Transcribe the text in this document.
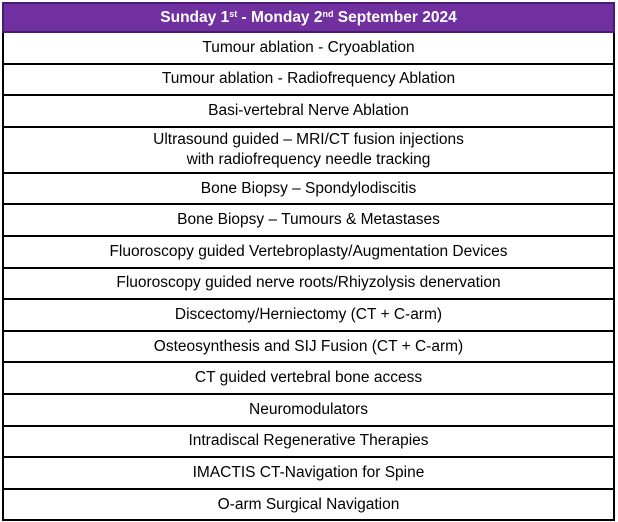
Sunday 1st - Monday 2nd September 2024

Tumour ablation - Cryoablation

Tumour ablation - Radiofrequency Ablation

Basi-vertebral Nerve Ablation

Ultrasound guided – MRI/CT fusion injections
with radiofrequency needle tracking

Bone Biopsy – Spondylodiscitis

Bone Biopsy – Tumours & Metastases

Fluoroscopy guided Vertebroplasty/Augmentation Devices

Fluoroscopy guided nerve roots/Rhiyzolysis denervation

Discectomy/Herniectomy (CT + C-arm)

Osteosynthesis and SIJ Fusion (CT + C-arm)

CT guided vertebral bone access

Neuromodulators

Intradiscal Regenerative Therapies

IMACTIS CT-Navigation for Spine

O-arm Surgical Navigation
